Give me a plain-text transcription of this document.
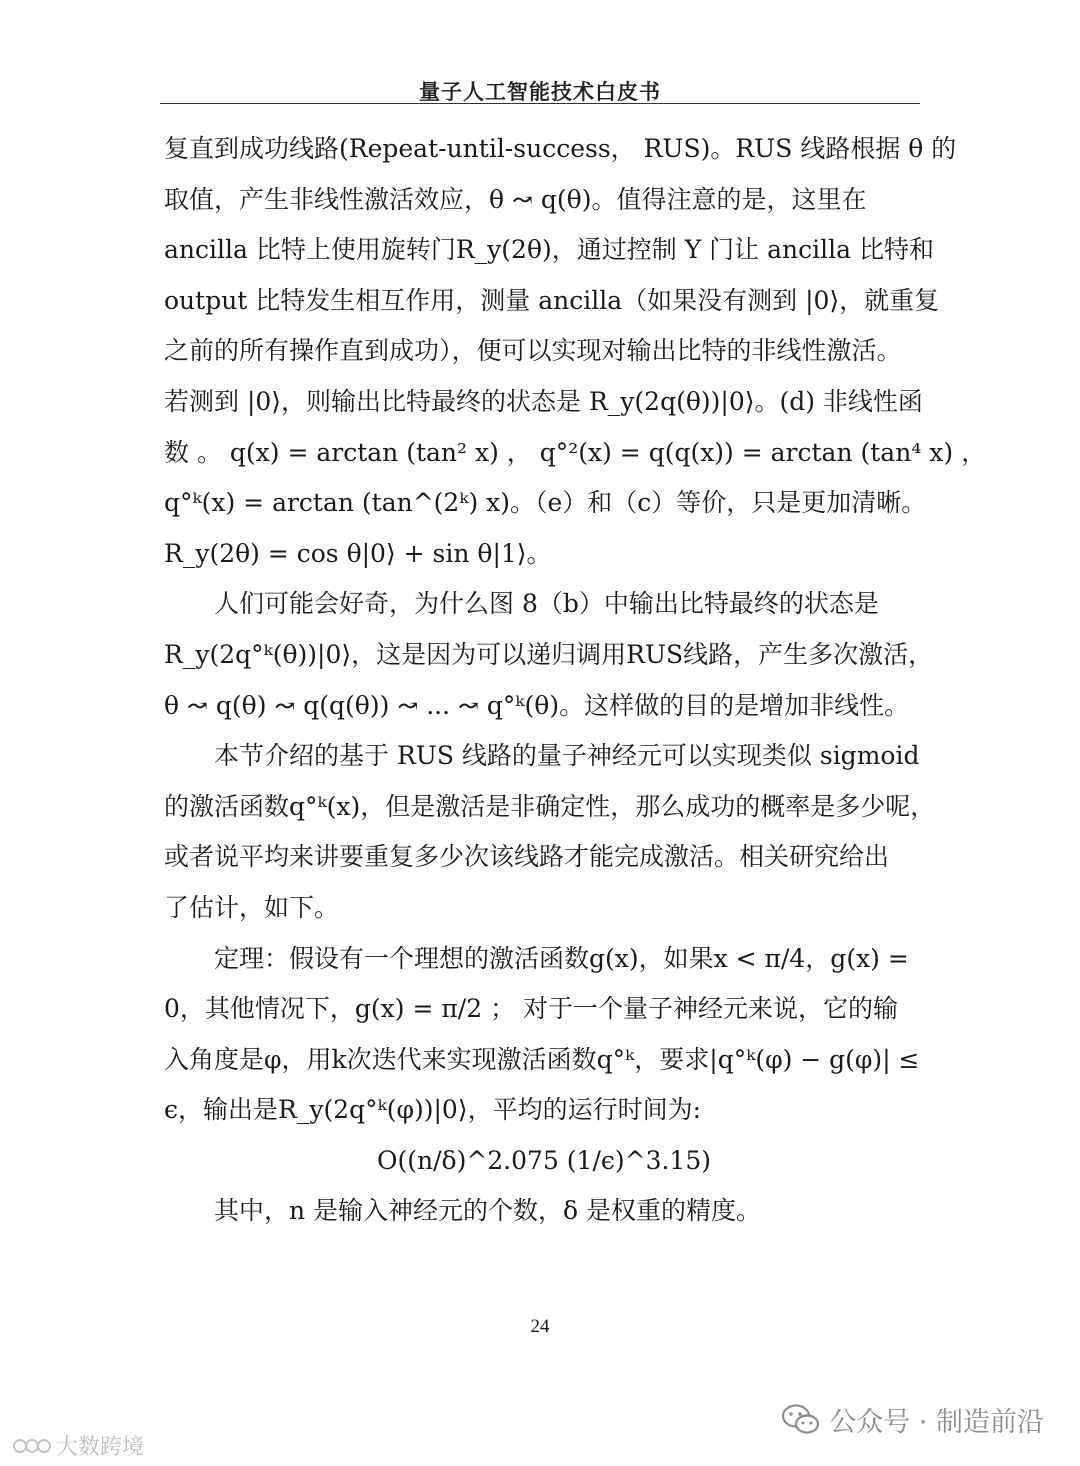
量子人工智能技术白皮书
复直到成功线路(Repeat-until-success， RUS)。RUS 线路根据 θ 的
取值，产生非线性激活效应，θ ↝ q(θ)。值得注意的是，这里在
ancilla 比特上使用旋转门R_y(2θ)，通过控制 Y 门让 ancilla 比特和
output 比特发生相互作用，测量 ancilla（如果没有测到 |0⟩，就重复
之前的所有操作直到成功），便可以实现对输出比特的非线性激活。
若测到 |0⟩，则输出比特最终的状态是 R_y(2q(θ))|0⟩。(d) 非线性函
数 。 q(x) = arctan (tan² x) ， q°²(x) = q(q(x)) = arctan (tan⁴ x) ，
q°ᵏ(x) = arctan (tan^(2ᵏ) x)。（e）和（c）等价，只是更加清晰。
R_y(2θ) = cos θ|0⟩ + sin θ|1⟩。
人们可能会好奇，为什么图 8（b）中输出比特最终的状态是
R_y(2q°ᵏ(θ))|0⟩，这是因为可以递归调用RUS线路，产生多次激活，
θ ↝ q(θ) ↝ q(q(θ)) ↝ ... ↝ q°ᵏ(θ)。这样做的目的是增加非线性。
本节介绍的基于 RUS 线路的量子神经元可以实现类似 sigmoid
的激活函数q°ᵏ(x)，但是激活是非确定性，那么成功的概率是多少呢，
或者说平均来讲要重复多少次该线路才能完成激活。相关研究给出
了估计，如下。
定理：假设有一个理想的激活函数g(x)，如果x < π/4，g(x) =
0，其他情况下，g(x) = π/2 ； 对于一个量子神经元来说，它的输
入角度是φ，用k次迭代来实现激活函数q°ᵏ，要求|q°ᵏ(φ) − g(φ)| ≤
ϵ，输出是R_y(2q°ᵏ(φ))|0⟩，平均的运行时间为:
O((n/δ)^2.075 (1/ϵ)^3.15)
其中，n 是输入神经元的个数，δ 是权重的精度。
24
大数跨境
公众号 · 制造前沿
